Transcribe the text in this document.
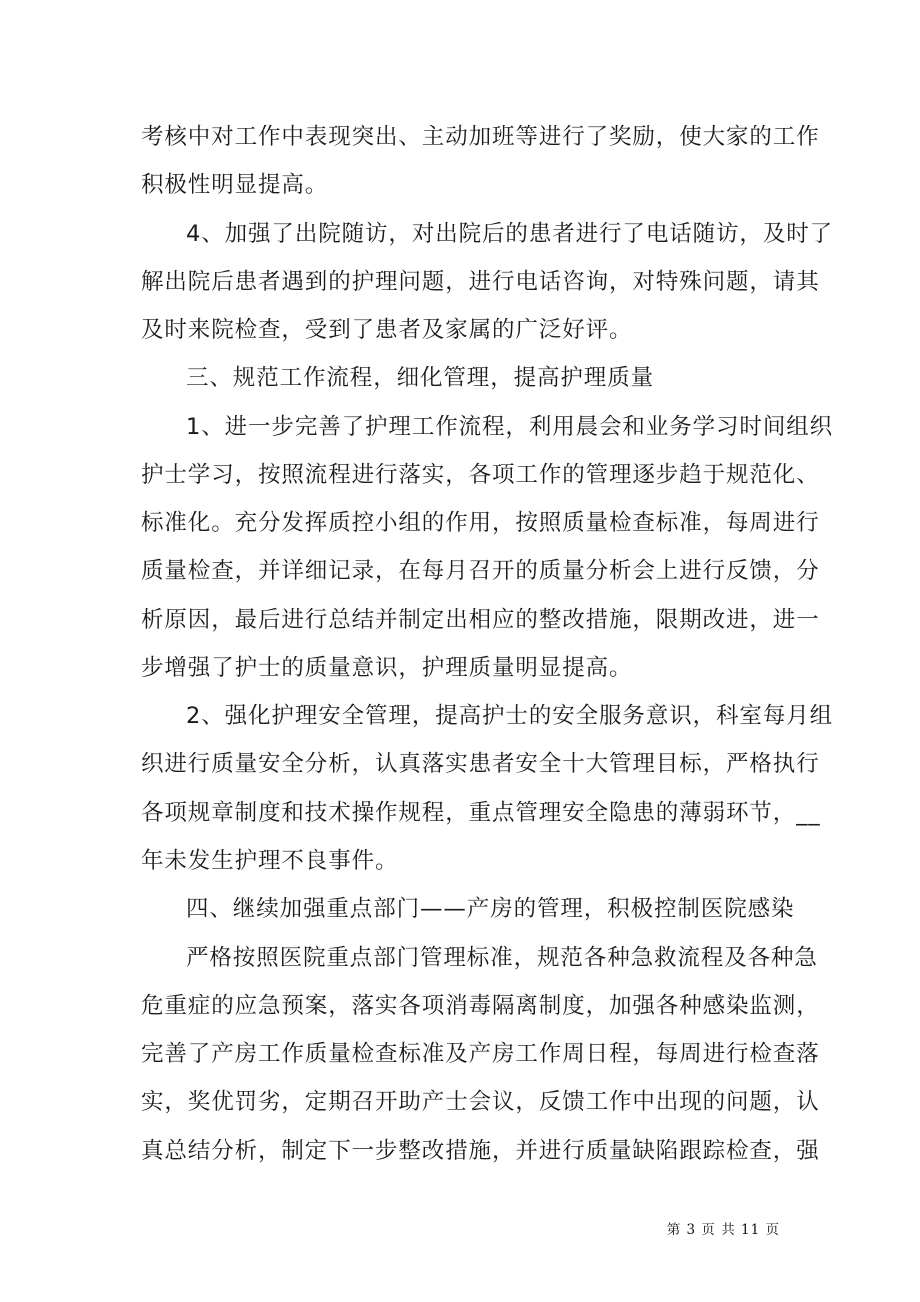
考核中对工作中表现突出、主动加班等进行了奖励，使大家的工作
积极性明显提高。
4、加强了出院随访，对出院后的患者进行了电话随访，及时了
解出院后患者遇到的护理问题，进行电话咨询，对特殊问题，请其
及时来院检查，受到了患者及家属的广泛好评。
三、规范工作流程，细化管理，提高护理质量
1、进一步完善了护理工作流程，利用晨会和业务学习时间组织
护士学习，按照流程进行落实，各项工作的管理逐步趋于规范化、
标准化。充分发挥质控小组的作用，按照质量检查标准，每周进行
质量检查，并详细记录，在每月召开的质量分析会上进行反馈，分
析原因，最后进行总结并制定出相应的整改措施，限期改进，进一
步增强了护士的质量意识，护理质量明显提高。
2、强化护理安全管理，提高护士的安全服务意识，科室每月组
织进行质量安全分析，认真落实患者安全十大管理目标，严格执行
各项规章制度和技术操作规程，重点管理安全隐患的薄弱环节，__
年未发生护理不良事件。
四、继续加强重点部门——产房的管理，积极控制医院感染
严格按照医院重点部门管理标准，规范各种急救流程及各种急
危重症的应急预案，落实各项消毒隔离制度，加强各种感染监测，
完善了产房工作质量检查标准及产房工作周日程，每周进行检查落
实，奖优罚劣，定期召开助产士会议，反馈工作中出现的问题，认
真总结分析，制定下一步整改措施，并进行质量缺陷跟踪检查，强
第 3 页 共 11 页
